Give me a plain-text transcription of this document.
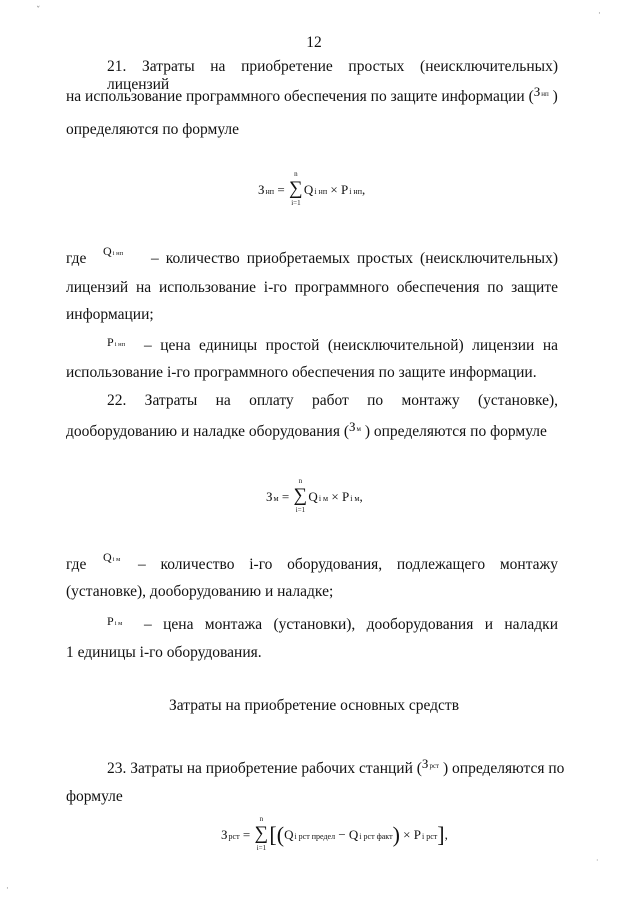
ˇ	·
12
21. Затраты на приобретение простых (неисключительных) лицензий
на использование программного обеспечения по защите информации (Знп )
определяются по формуле
Знп =
n
∑
i=1
Qi нп × Pi нп,
где Qi нп – количество приобретаемых простых (неисключительных)
лицензий на использование i-го программного обеспечения по защите
информации;
Pi нп – цена единицы простой (неисключительной) лицензии на
использование i-го программного обеспечения по защите информации.
22. Затраты на оплату работ по монтажу (установке),
дооборудованию и наладке оборудования (Зм ) определяются по формуле
Зм =
n
∑
i=1
Qi м × Pi м,
где Qi м – количество i-го оборудования, подлежащего монтажу
(установке), дооборудованию и наладке;
Pi м – цена монтажа (установки), дооборудования и наладки
1 единицы i-го оборудования.
Затраты на приобретение основных средств
23. Затраты на приобретение рабочих станций (Зрст ) определяются по
формуле
Зрст =
n
∑
i=1
[(Qi рст предел − Qi рст факт) × Pi рст],
·
·
